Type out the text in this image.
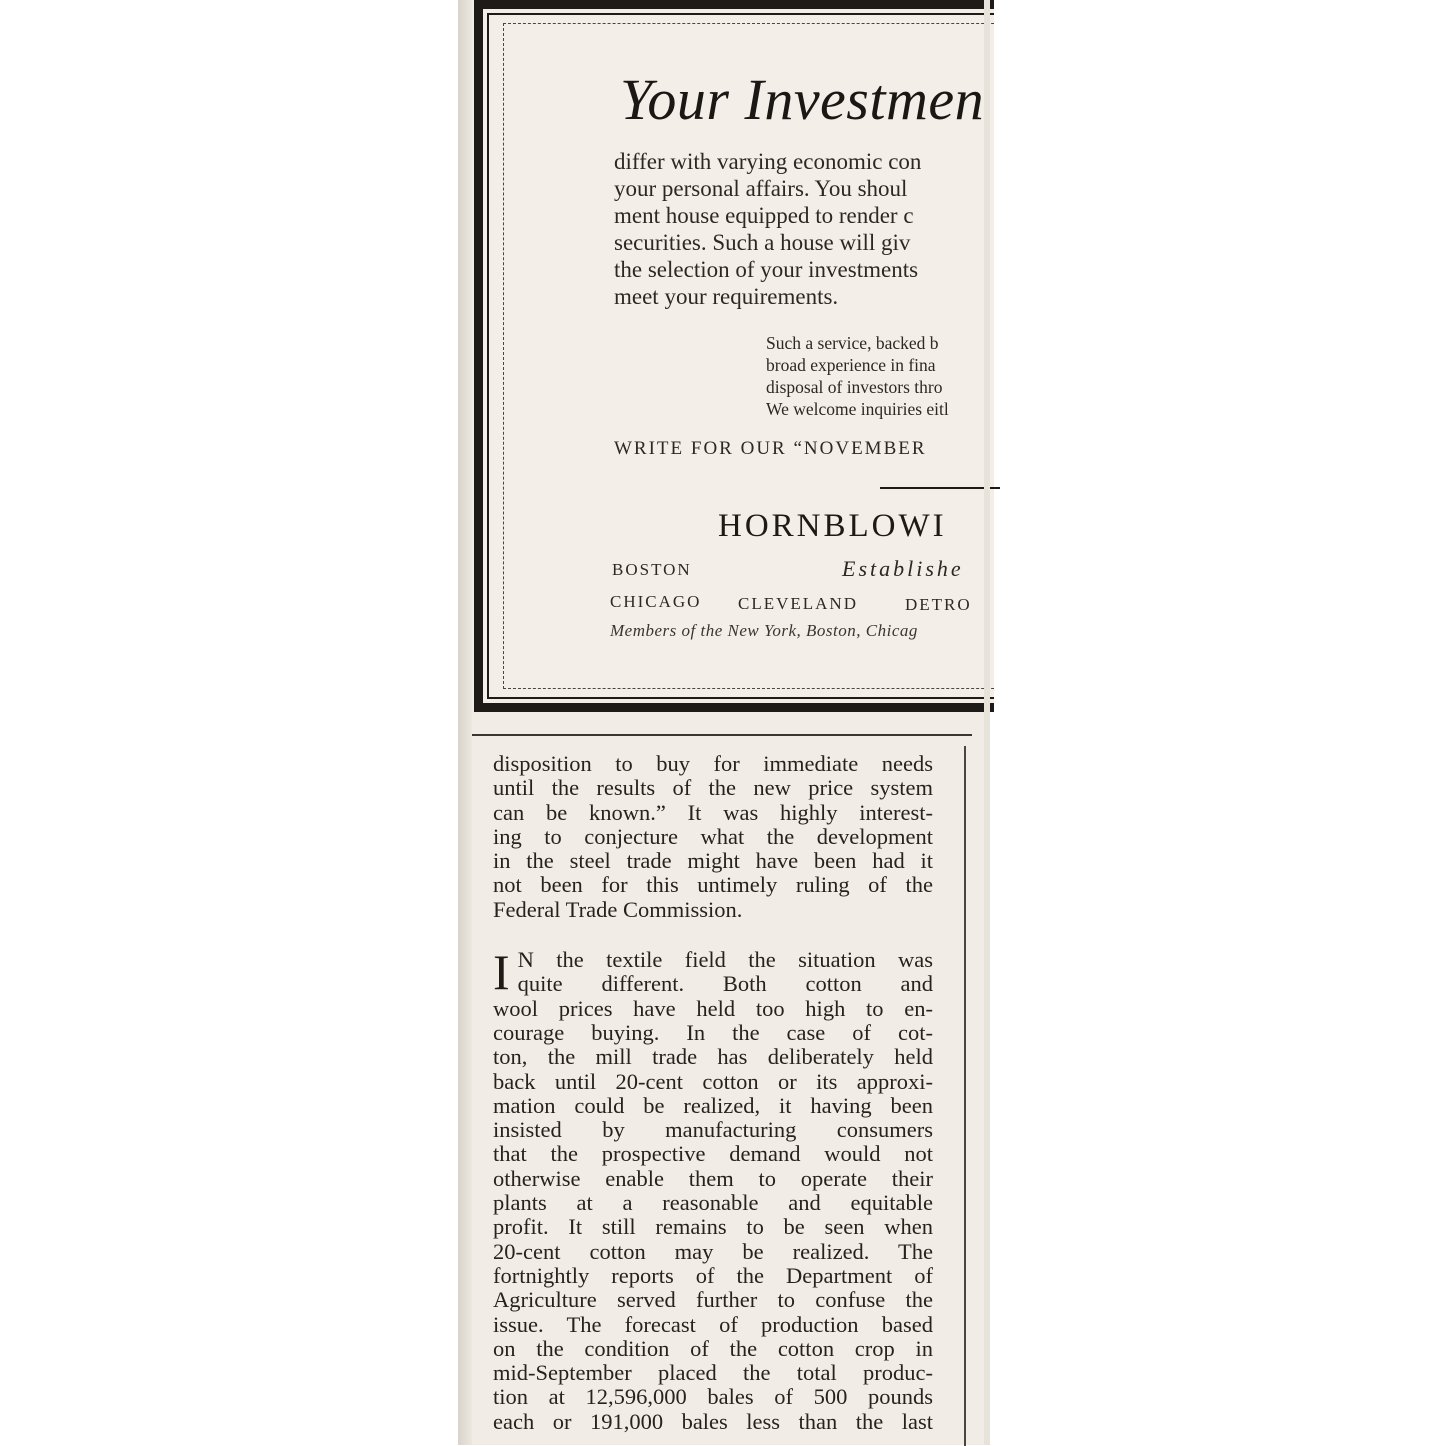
Your Investmen
differ with varying economic con
your personal affairs. You shoul
ment house equipped to render c
securities. Such a house will giv
the selection of your investments
meet your requirements.
Such a service, backed b
broad experience in fina
disposal of investors thro
We welcome inquiries eitl
WRITE FOR OUR “NOVEMBER
HORNBLOWI
BOSTON	Establishe
CHICAGO CLEVELAND	DETRO
Members of the New York, Boston, Chicag
disposition to buy for immediate needs
until the results of the new price system
can be known.” It was highly interest-
ing to conjecture what the development
in the steel trade might have been had it
not been for this untimely ruling of the
Federal Trade Commission.
I N the textile field the situation was
quite different. Both cotton and
wool prices have held too high to en-
courage buying. In the case of cot-
ton, the mill trade has deliberately held
back until 20-cent cotton or its approxi-
mation could be realized, it having been
insisted by manufacturing consumers
that the prospective demand would not
otherwise enable them to operate their
plants at a reasonable and equitable
profit. It still remains to be seen when
20-cent cotton may be realized. The
fortnightly reports of the Department of
Agriculture served further to confuse the
issue. The forecast of production based
on the condition of the cotton crop in
mid-September placed the total produc-
tion at 12,596,000 bales of 500 pounds
each or 191,000 bales less than the last
